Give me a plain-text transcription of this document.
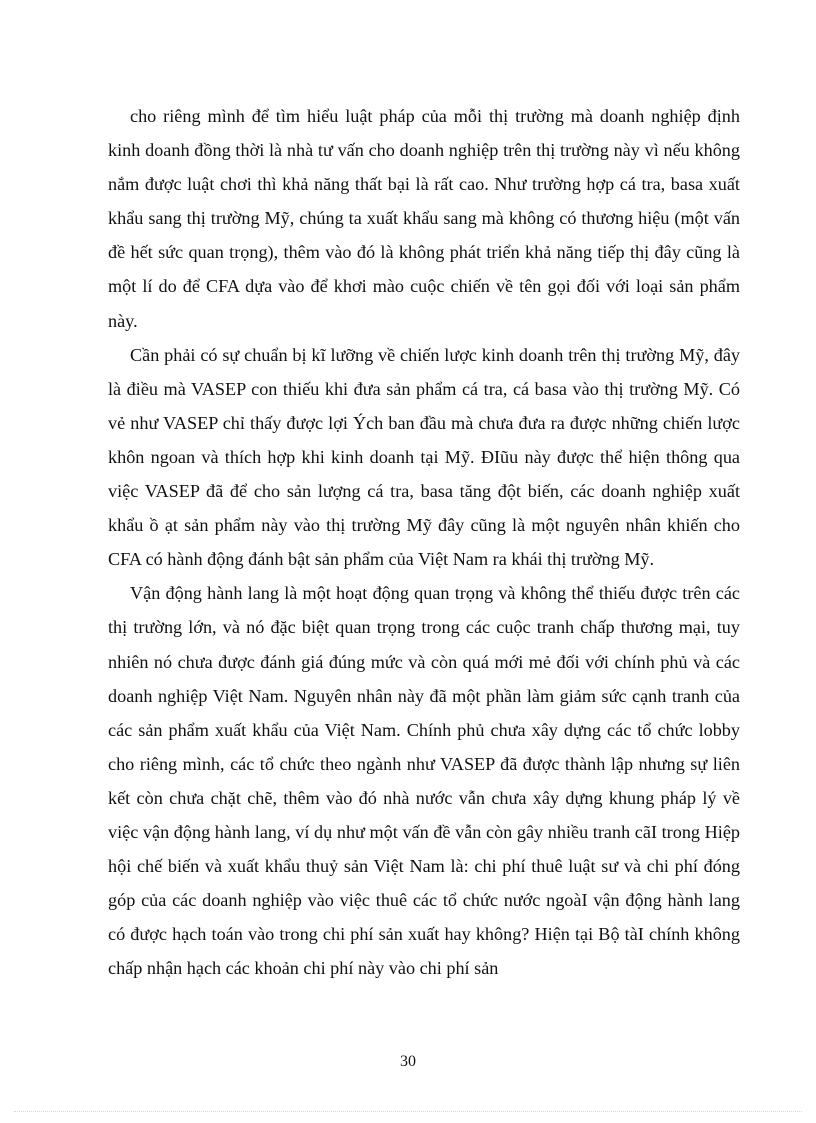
cho riêng mình để tìm hiểu luật pháp của mỗi thị trường mà doanh nghiệp định kinh doanh đồng thời là nhà tư vấn cho doanh nghiệp trên thị trường này vì nếu không nắm được luật chơi thì khả năng thất bại là rất cao. Như trường hợp cá tra, basa xuất khẩu sang thị trường Mỹ, chúng ta xuất khẩu sang mà không có thương hiệu (một vấn đề hết sức quan trọng), thêm vào đó là không phát triển khả năng tiếp thị đây cũng là một lí do để CFA dựa vào để khơi mào cuộc chiến về tên gọi đối với loại sản phẩm này.

Cần phải có sự chuẩn bị kĩ lưỡng về chiến lược kinh doanh trên thị trường Mỹ, đây là điều mà VASEP con thiếu khi đưa sản phẩm cá tra, cá basa vào thị trường Mỹ. Có vẻ như VASEP chỉ thấy được lợi Ých ban đầu mà chưa đưa ra được những chiến lược khôn ngoan và thích hợp khi kinh doanh tại Mỹ. ĐIũu này được thể hiện thông qua việc VASEP đã để cho sản lượng cá tra, basa tăng đột biến, các doanh nghiệp xuất khẩu ồ ạt sản phẩm này vào thị trường Mỹ đây cũng là một nguyên nhân khiến cho CFA có hành động đánh bật sản phẩm của Việt Nam ra khái thị trường Mỹ.

Vận động hành lang là một hoạt động quan trọng và không thể thiếu được trên các thị trường lớn, và nó đặc biệt quan trọng trong các cuộc tranh chấp thương mại, tuy nhiên nó chưa được đánh giá đúng mức và còn quá mới mẻ đối với chính phủ và các doanh nghiệp Việt Nam. Nguyên nhân này đã một phần làm giảm sức cạnh tranh của các sản phẩm xuất khẩu của Việt Nam. Chính phủ chưa xây dựng các tổ chức lobby cho riêng mình, các tổ chức theo ngành như VASEP đã được thành lập nhưng sự liên kết còn chưa chặt chẽ, thêm vào đó nhà nước vẫn chưa xây dựng khung pháp lý về việc vận động hành lang, ví dụ như một vấn đề vẫn còn gây nhiều tranh cãI trong Hiệp hội chế biến và xuất khẩu thuỷ sản Việt Nam là: chi phí thuê luật sư và chi phí đóng góp của các doanh nghiệp vào việc thuê các tổ chức nước ngoàI vận động hành lang có được hạch toán vào trong chi phí sản xuất hay không? Hiện tại Bộ tàI chính không chấp nhận hạch các khoản chi phí này vào chi phí sản

30
